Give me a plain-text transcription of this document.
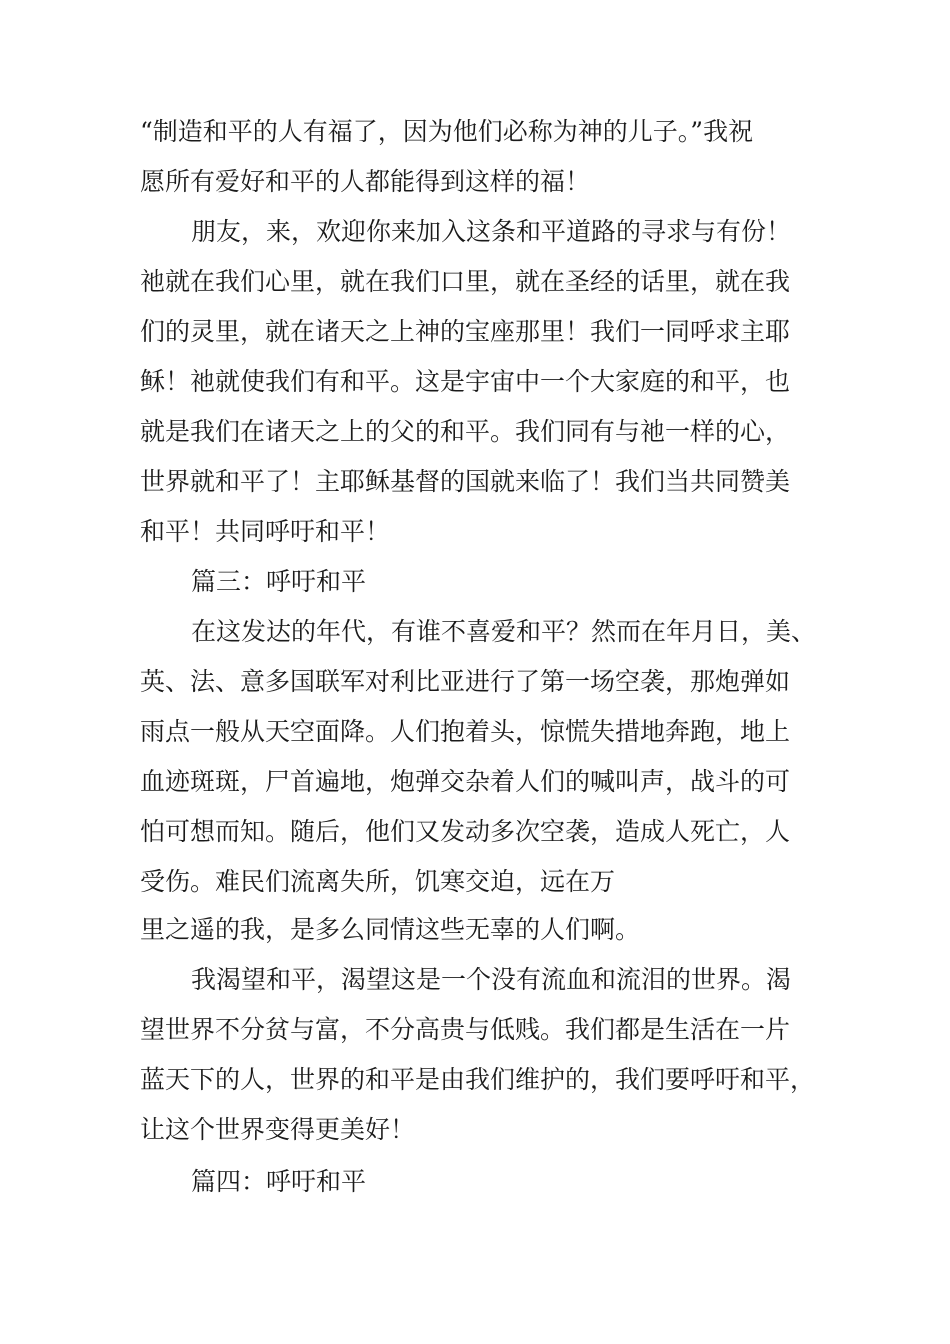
“制造和平的人有福了，因为他们必称为神的儿子。”我祝
愿所有爱好和平的人都能得到这样的福！
朋友，来，欢迎你来加入这条和平道路的寻求与有份！
祂就在我们心里，就在我们口里，就在圣经的话里，就在我
们的灵里，就在诸天之上神的宝座那里！我们一同呼求主耶
稣！祂就使我们有和平。这是宇宙中一个大家庭的和平，也
就是我们在诸天之上的父的和平。我们同有与祂一样的心，
世界就和平了！主耶稣基督的国就来临了！我们当共同赞美
和平！共同呼吁和平！
篇三：呼吁和平
在这发达的年代，有谁不喜爱和平？然而在年月日，美、
英、法、意多国联军对利比亚进行了第一场空袭，那炮弹如
雨点一般从天空面降。人们抱着头，惊慌失措地奔跑，地上
血迹斑斑，尸首遍地，炮弹交杂着人们的喊叫声，战斗的可
怕可想而知。随后，他们又发动多次空袭，造成人死亡，人
受伤。难民们流离失所，饥寒交迫，远在万
里之遥的我，是多么同情这些无辜的人们啊。
我渴望和平，渴望这是一个没有流血和流泪的世界。渴
望世界不分贫与富，不分高贵与低贱。我们都是生活在一片
蓝天下的人，世界的和平是由我们维护的，我们要呼吁和平，
让这个世界变得更美好！
篇四：呼吁和平
